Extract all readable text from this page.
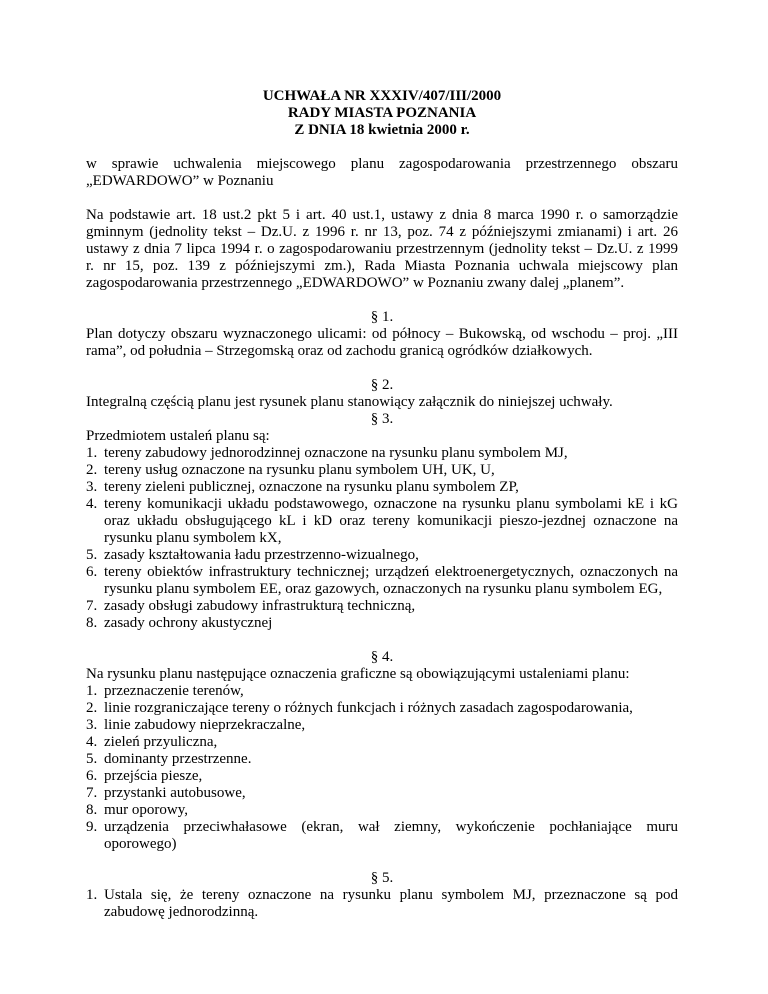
UCHWAŁA NR XXXIV/407/III/2000

RADY MIASTA POZNANIA

Z DNIA 18 kwietnia 2000 r.

w sprawie uchwalenia miejscowego planu zagospodarowania przestrzennego obszaru „EDWARDOWO” w Poznaniu

Na podstawie art. 18 ust.2 pkt 5 i art. 40 ust.1, ustawy z dnia 8 marca 1990 r. o samorządzie gminnym (jednolity tekst – Dz.U. z 1996 r. nr 13, poz. 74 z późniejszymi zmianami) i art. 26 ustawy z dnia 7 lipca 1994 r. o zagospodarowaniu przestrzennym (jednolity tekst – Dz.U. z 1999 r. nr 15, poz. 139 z późniejszymi zm.), Rada Miasta Poznania uchwala miejscowy plan zagospodarowania przestrzennego „EDWARDOWO” w Poznaniu zwany dalej „planem”.

§ 1.

Plan dotyczy obszaru wyznaczonego ulicami: od północy – Bukowską, od wschodu – proj. „III rama”, od południa – Strzegomską oraz od zachodu granicą ogródków działkowych.

§ 2.

Integralną częścią planu jest rysunek planu stanowiący załącznik do niniejszej uchwały.

§ 3.

Przedmiotem ustaleń planu są:

1. tereny zabudowy jednorodzinnej oznaczone na rysunku planu symbolem MJ,
2. tereny usług oznaczone na rysunku planu symbolem UH, UK, U,
3. tereny zieleni publicznej, oznaczone na rysunku planu symbolem ZP,
4. tereny komunikacji układu podstawowego, oznaczone na rysunku planu symbolami kE i kG oraz układu obsługującego kL i kD oraz tereny komunikacji pieszo-jezdnej oznaczone na rysunku planu symbolem kX,
5. zasady kształtowania ładu przestrzenno-wizualnego,
6. tereny obiektów infrastruktury technicznej; urządzeń elektroenergetycznych, oznaczonych na rysunku planu symbolem EE, oraz gazowych, oznaczonych na rysunku planu symbolem EG,
7. zasady obsługi zabudowy infrastrukturą techniczną,
8. zasady ochrony akustycznej

§ 4.

Na rysunku planu następujące oznaczenia graficzne są obowiązującymi ustaleniami planu:

1. przeznaczenie terenów,
2. linie rozgraniczające tereny o różnych funkcjach i różnych zasadach zagospodarowania,
3. linie zabudowy nieprzekraczalne,
4. zieleń przyuliczna,
5. dominanty przestrzenne.
6. przejścia piesze,
7. przystanki autobusowe,
8. mur oporowy,
9. urządzenia przeciwhałasowe (ekran, wał ziemny, wykończenie pochłaniające muru oporowego)

§ 5.

1. Ustala się, że tereny oznaczone na rysunku planu symbolem MJ, przeznaczone są pod zabudowę jednorodzinną.
